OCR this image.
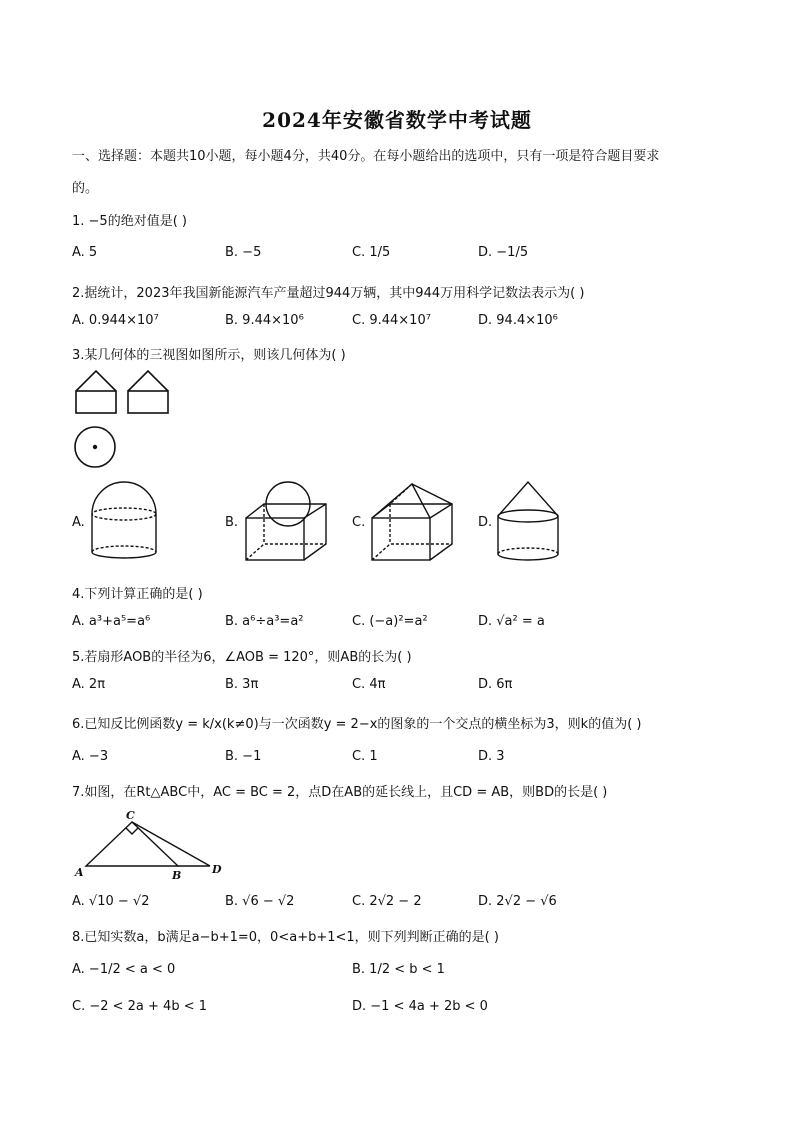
2024年安徽省数学中考试题
一、选择题：本题共10小题，每小题4分，共40分。在每小题给出的选项中，只有一项是符合题目要求
的。
1. −5的绝对值是( )
A. 5	B. −5	C. 1/5	D. −1/5
2.据统计，2023年我国新能源汽车产量超过944万辆，其中944万用科学记数法表示为( )
A. 0.944×10⁷	B. 9.44×10⁶	C. 9.44×10⁷	D. 94.4×10⁶
3.某几何体的三视图如图所示，则该几何体为( )
A.	B.	C.	D.
4.下列计算正确的是( )
A. a³+a⁵=a⁶	B. a⁶÷a³=a²	C. (−a)²=a²	D. √a² = a
5.若扇形AOB的半径为6，∠AOB = 120°，则AB的长为( )
A. 2π	B. 3π	C. 4π	D. 6π
6.已知反比例函数y = k/x(k≠0)与一次函数y = 2−x的图象的一个交点的横坐标为3，则k的值为( )
A. −3	B. −1	C. 1	D. 3
7.如图，在Rt△ABC中，AC = BC = 2，点D在AB的延长线上，且CD = AB，则BD的长是( )
C
A	B	D
A. √10 − √2	B. √6 − √2	C. 2√2 − 2	D. 2√2 − √6
8.已知实数a，b满足a−b+1=0，0<a+b+1<1，则下列判断正确的是( )
A. −1/2 < a < 0	B. 1/2 < b < 1
C. −2 < 2a + 4b < 1	D. −1 < 4a + 2b < 0
